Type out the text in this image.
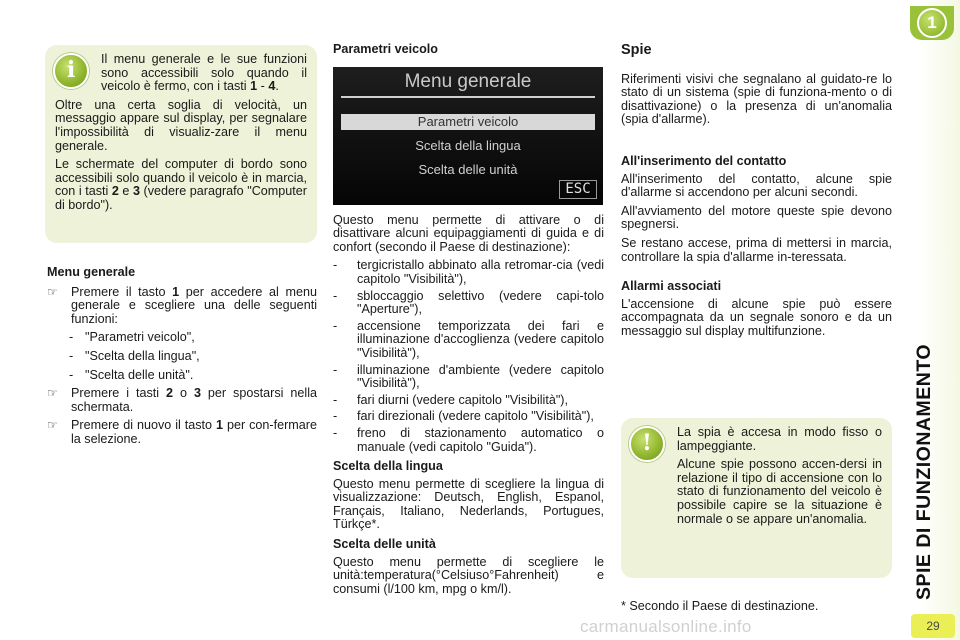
i	Il menu generale e le sue funzioni sono accessibili solo quando il veicolo è fermo, con i tasti 1 - 4.

Oltre una certa soglia di velocità, un messaggio appare sul display, per segnalare l'impossibilità di visualiz-zare il menu generale.

Le schermate del computer di bordo sono accessibili solo quando il veicolo è in marcia, con i tasti 2 e 3 (vedere paragrafo "Computer di bordo").

Menu generale
☞	Premere il tasto 1 per accedere al menu generale e scegliere una delle seguenti funzioni:
- "Parametri veicolo",
- "Scelta della lingua",
- "Scelta delle unità".
☞	Premere i tasti 2 o 3 per spostarsi nella schermata.
☞	Premere di nuovo il tasto 1 per con-fermare la selezione.
Parametri veicolo
Menu generale
Parametri veicolo
Scelta della lingua
Scelta delle unità
ESC

Questo menu permette di attivare o di disattivare alcuni equipaggiamenti di guida e di confort (secondo il Paese di destinazione):

-	tergicristallo abbinato alla retromar-cia (vedi capitolo "Visibilità"),
-	sbloccaggio selettivo (vedere capi-tolo "Aperture"),
-	accensione temporizzata dei fari e illuminazione d'accoglienza (vedere capitolo "Visibilità"),
-	illuminazione d'ambiente (vedere capitolo "Visibilità"),
-	fari diurni (vedere capitolo "Visibilità"),
-	fari direzionali (vedere capitolo "Visibilità"),
-	freno di stazionamento automatico o manuale (vedi capitolo "Guida").
Scelta della lingua

Questo menu permette di scegliere la lingua di visualizzazione: Deutsch, English, Espanol, Français, Italiano, Nederlands, Portugues, Türkçe*.

Scelta delle unità

Questo menu permette di scegliere le unità:temperatura(°Celsiuso°Fahrenheit) e consumi (l/100 km, mpg o km/l).

Spie

Riferimenti visivi che segnalano al guidato-re lo stato di un sistema (spie di funziona-mento o di disattivazione) o la presenza di un'anomalia (spia d'allarme).

All'inserimento del contatto

All'inserimento del contatto, alcune spie d'allarme si accendono per alcuni secondi.

All'avviamento del motore queste spie devono spegnersi.

Se restano accese, prima di mettersi in marcia, controllare la spia d'allarme in-teressata.

Allarmi associati

L'accensione di alcune spie può essere accompagnata da un segnale sonoro e da un messaggio sul display multifunzione.

!	La spia è accesa in modo fisso o lampeggiante.

Alcune spie possono accen-dersi in relazione il tipo di accensione con lo stato di funzionamento del veicolo è possibile capire se la situazione è normale o se appare un'anomalia.

* Secondo il Paese di destinazione.
1
SPIE DI FUNZIONAMENTO
29
carmanualsonline.info
